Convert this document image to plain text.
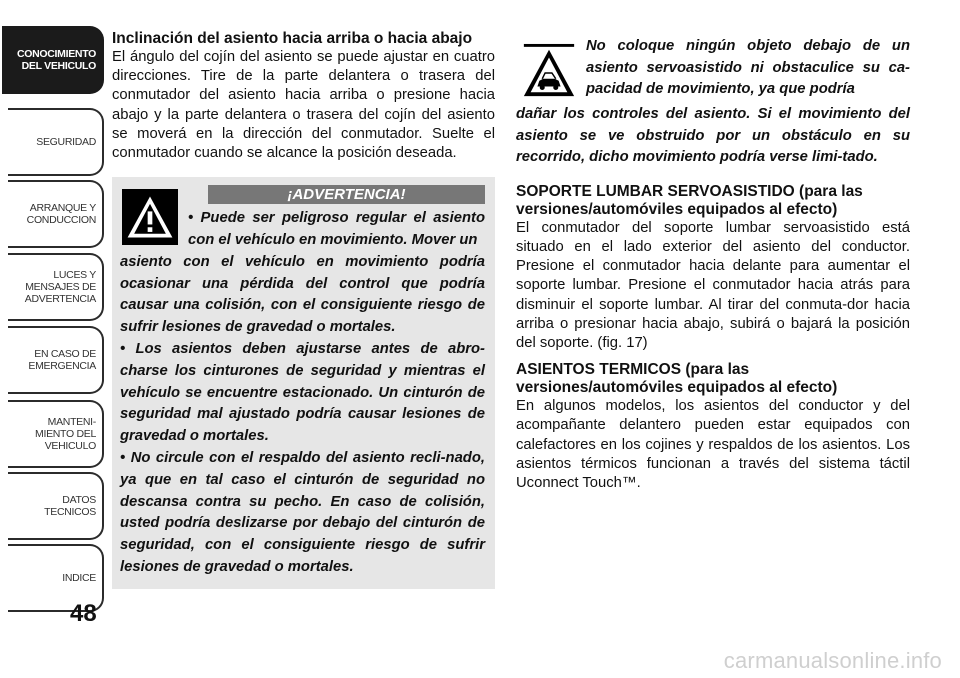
CONOCIMIENTO
DEL VEHICULO
SEGURIDAD
ARRANQUE Y
CONDUCCION
LUCES Y
MENSAJES DE
ADVERTENCIA
EN CASO DE
EMERGENCIA
MANTENI-
MIENTO DEL
VEHICULO
DATOS
TECNICOS
INDICE
48
carmanualsonline.info

Inclinación del asiento hacia arriba o hacia abajo

El ángulo del cojín del asiento se puede ajustar en cuatro direcciones. Tire de la parte delantera o trasera del conmutador del asiento hacia arriba o presione hacia abajo y la parte delantera o trasera del cojín del asiento se moverá en la dirección del conmutador. Suelte el conmutador cuando se alcance la posición deseada.

¡ADVERTENCIA!

• Puede ser peligroso regular el asiento con el vehículo en movimiento. Mover un

asiento con el vehículo en movimiento podría ocasionar una pérdida del control que podría causar una colisión, con el consiguiente riesgo de sufrir lesiones de gravedad o mortales.

• Los asientos deben ajustarse antes de abro-charse los cinturones de seguridad y mientras el vehículo se encuentre estacionado. Un cinturón de seguridad mal ajustado podría causar lesiones de gravedad o mortales.

• No circule con el respaldo del asiento recli-nado, ya que en tal caso el cinturón de seguridad no descansa contra su pecho. En caso de colisión, usted podría deslizarse por debajo del cinturón de seguridad, con el consiguiente riesgo de sufrir lesiones de gravedad o mortales.

No coloque ningún objeto debajo de un asiento servoasistido ni obstaculice su ca-pacidad de movimiento, ya que podría

dañar los controles del asiento. Si el movimiento del asiento se ve obstruido por un obstáculo en su recorrido, dicho movimiento podría verse limi-tado.

SOPORTE LUMBAR SERVOASISTIDO (para las versiones/automóviles equipados al efecto)

El conmutador del soporte lumbar servoasistido está situado en el lado exterior del asiento del conductor. Presione el conmutador hacia delante para aumentar el soporte lumbar. Presione el conmutador hacia atrás para disminuir el soporte lumbar. Al tirar del conmuta-dor hacia arriba o presionar hacia abajo, subirá o bajará la posición del soporte. (fig. 17)

ASIENTOS TERMICOS (para las versiones/automóviles equipados al efecto)

En algunos modelos, los asientos del conductor y del acompañante delantero pueden estar equipados con calefactores en los cojines y respaldos de los asientos. Los asientos térmicos funcionan a través del sistema táctil Uconnect Touch™.
